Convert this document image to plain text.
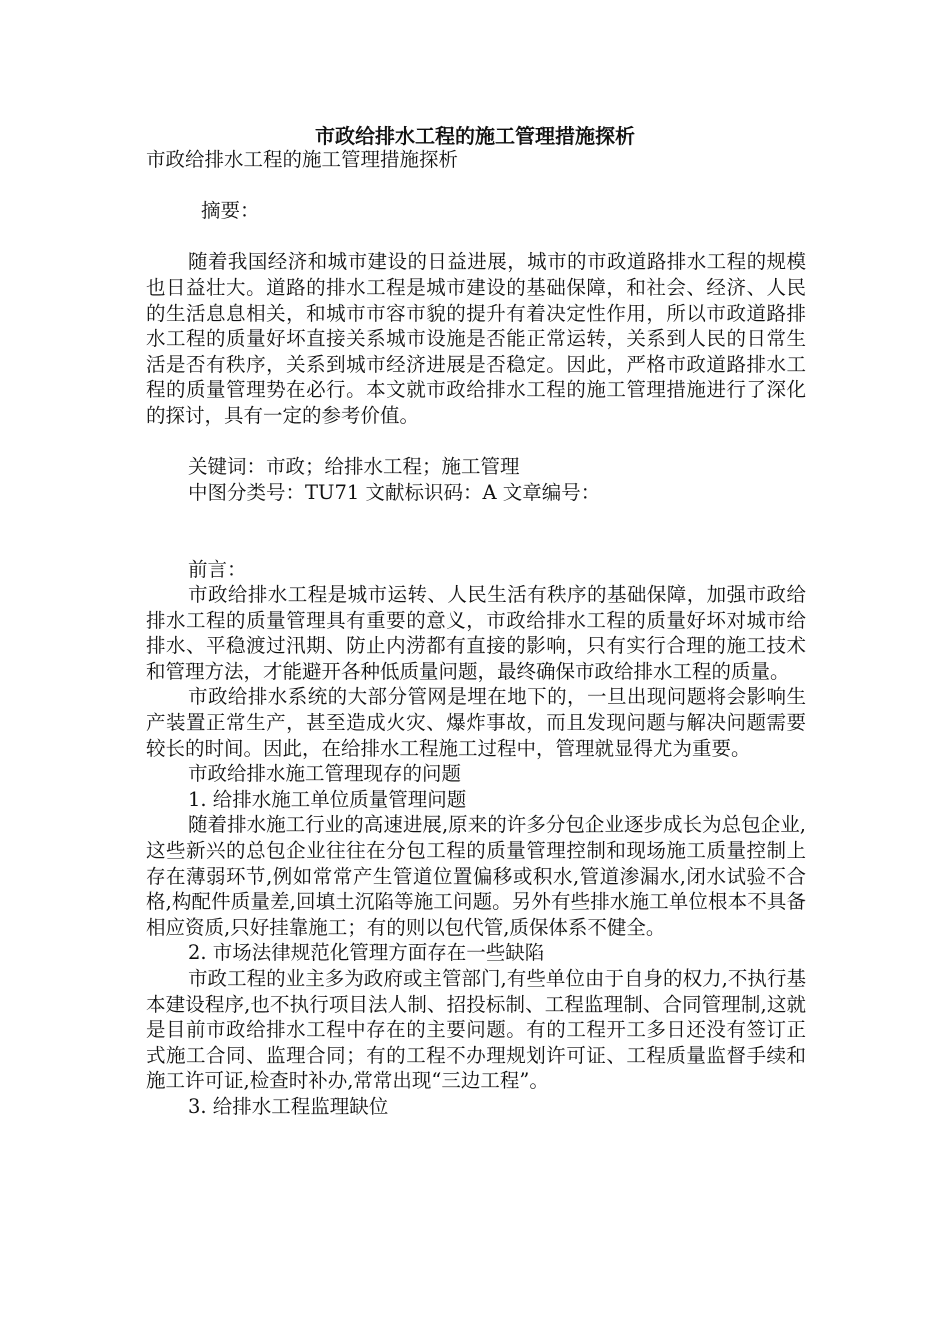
市政给排水工程的施工管理措施探析

市政给排水工程的施工管理措施探析

摘要：

随着我国经济和城市建设的日益进展，城市的市政道路排水工程的规模也日益壮大。道路的排水工程是城市建设的基础保障，和社会、经济、人民的生活息息相关，和城市市容市貌的提升有着决定性作用，所以市政道路排水工程的质量好坏直接关系城市设施是否能正常运转，关系到人民的日常生活是否有秩序，关系到城市经济进展是否稳定。因此，严格市政道路排水工程的质量管理势在必行。本文就市政给排水工程的施工管理措施进行了深化的探讨，具有一定的参考价值。

关键词：市政；给排水工程；施工管理

中图分类号：TU71 文献标识码：A 文章编号：

前言：

市政给排水工程是城市运转、人民生活有秩序的基础保障，加强市政给排水工程的质量管理具有重要的意义，市政给排水工程的质量好坏对城市给排水、平稳渡过汛期、防止内涝都有直接的影响，只有实行合理的施工技术和管理方法，才能避开各种低质量问题，最终确保市政给排水工程的质量。

市政给排水系统的大部分管网是埋在地下的，一旦出现问题将会影响生产装置正常生产，甚至造成火灾、爆炸事故，而且发现问题与解决问题需要较长的时间。因此，在给排水工程施工过程中，管理就显得尤为重要。

市政给排水施工管理现存的问题

1. 给排水施工单位质量管理问题

随着排水施工行业的高速进展,原来的许多分包企业逐步成长为总包企业,这些新兴的总包企业往往在分包工程的质量管理控制和现场施工质量控制上存在薄弱环节,例如常常产生管道位置偏移或积水,管道渗漏水,闭水试验不合格,构配件质量差,回填土沉陷等施工问题。另外有些排水施工单位根本不具备相应资质,只好挂靠施工；有的则以包代管,质保体系不健全。

2. 市场法律规范化管理方面存在一些缺陷

市政工程的业主多为政府或主管部门,有些单位由于自身的权力,不执行基本建设程序,也不执行项目法人制、招投标制、工程监理制、合同管理制,这就是目前市政给排水工程中存在的主要问题。有的工程开工多日还没有签订正式施工合同、监理合同；有的工程不办理规划许可证、工程质量监督手续和施工许可证,检查时补办,常常出现“三边工程”。

3. 给排水工程监理缺位
